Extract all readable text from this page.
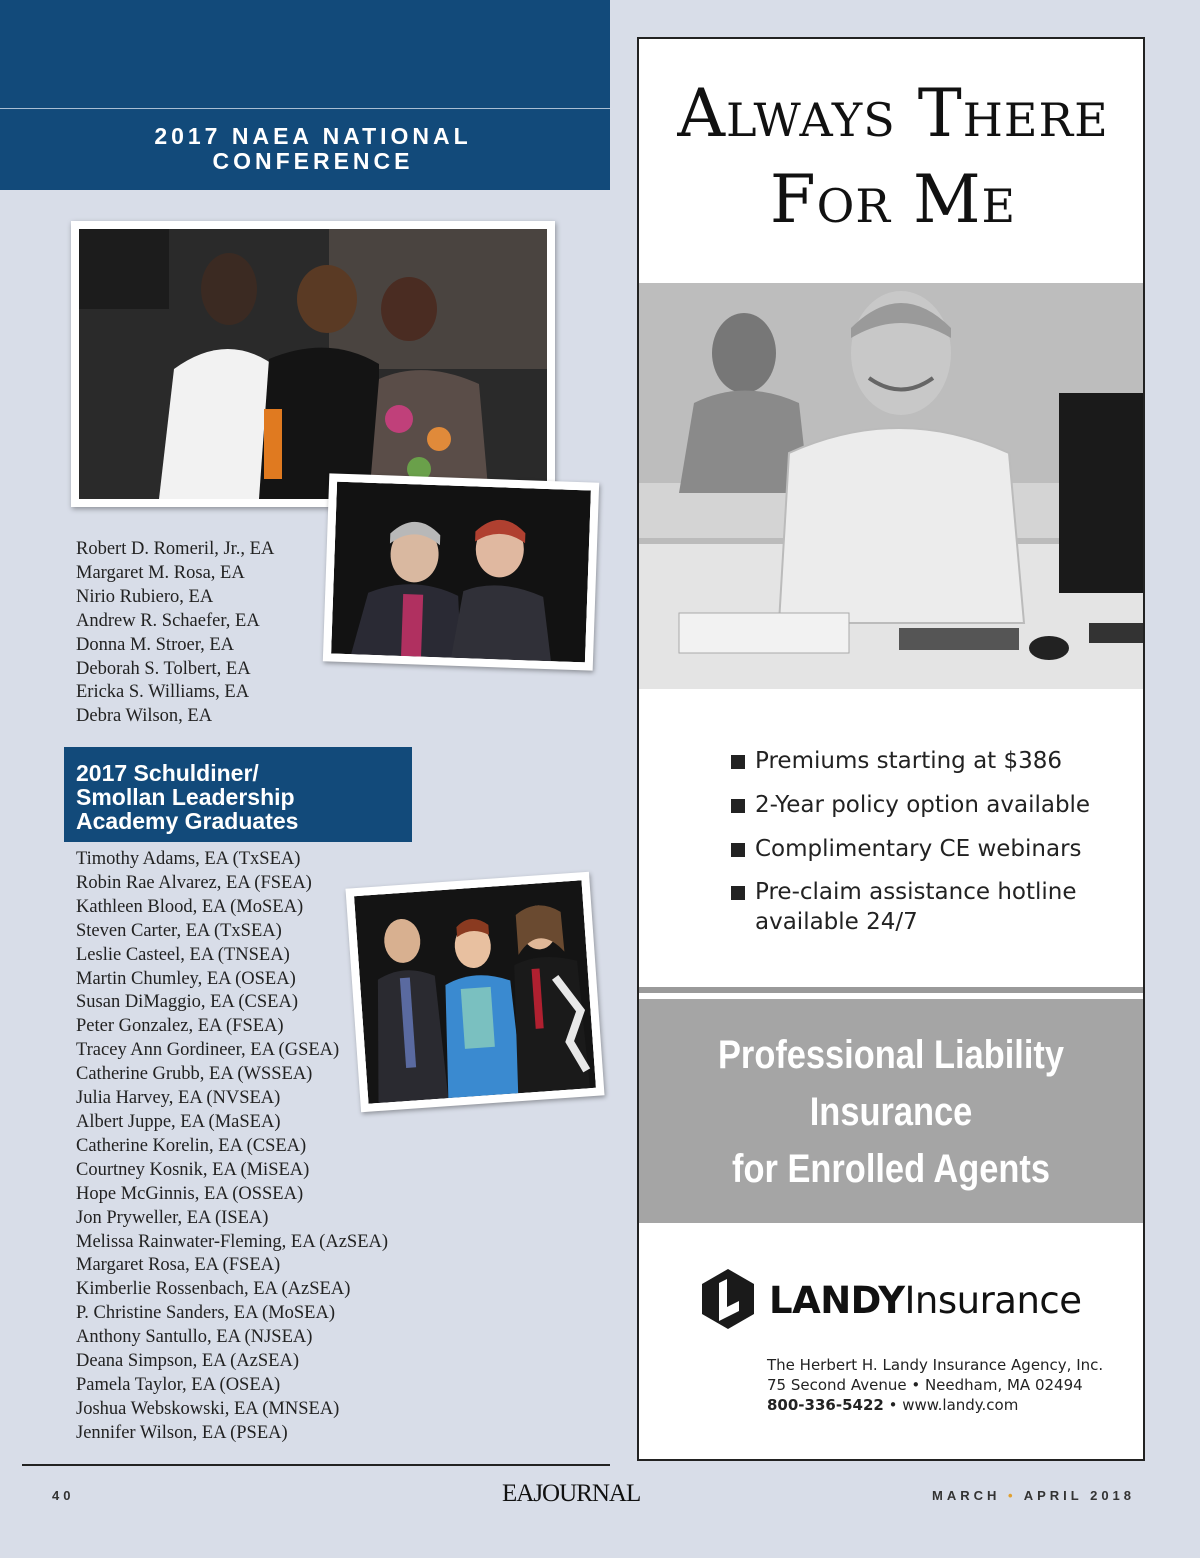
2017 NAEA NATIONAL
CONFERENCE
Robert D. Romeril, Jr., EA
Margaret M. Rosa, EA
Nirio Rubiero, EA
Andrew R. Schaefer, EA
Donna M. Stroer, EA
Deborah S. Tolbert, EA
Ericka S. Williams, EA
Debra Wilson, EA
2017 Schuldiner/
Smollan Leadership
Academy Graduates
Timothy Adams, EA (TxSEA)
Robin Rae Alvarez, EA (FSEA)
Kathleen Blood, EA (MoSEA)
Steven Carter, EA (TxSEA)
Leslie Casteel, EA (TNSEA)
Martin Chumley, EA (OSEA)
Susan DiMaggio, EA (CSEA)
Peter Gonzalez, EA (FSEA)
Tracey Ann Gordineer, EA (GSEA)
Catherine Grubb, EA (WSSEA)
Julia Harvey, EA (NVSEA)
Albert Juppe, EA (MaSEA)
Catherine Korelin, EA (CSEA)
Courtney Kosnik, EA (MiSEA)
Hope McGinnis, EA (OSSEA)
Jon Pryweller, EA (ISEA)
Melissa Rainwater-Fleming, EA (AzSEA)
Margaret Rosa, EA (FSEA)
Kimberlie Rossenbach, EA (AzSEA)
P. Christine Sanders, EA (MoSEA)
Anthony Santullo, EA (NJSEA)
Deana Simpson, EA (AzSEA)
Pamela Taylor, EA (OSEA)
Joshua Webskowski, EA (MNSEA)
Jennifer Wilson, EA (PSEA)
40	EAJOURNAL	MARCH • APRIL 2018
Always There
For Me
Premiums starting at $386
2-Year policy option available
Complimentary CE webinars
Pre-claim assistance hotline available 24/7
Professional Liability
Insurance
for Enrolled Agents
LANDYInsurance
The Herbert H. Landy Insurance Agency, Inc.
75 Second Avenue • Needham, MA 02494
800-336-5422 • www.landy.com
